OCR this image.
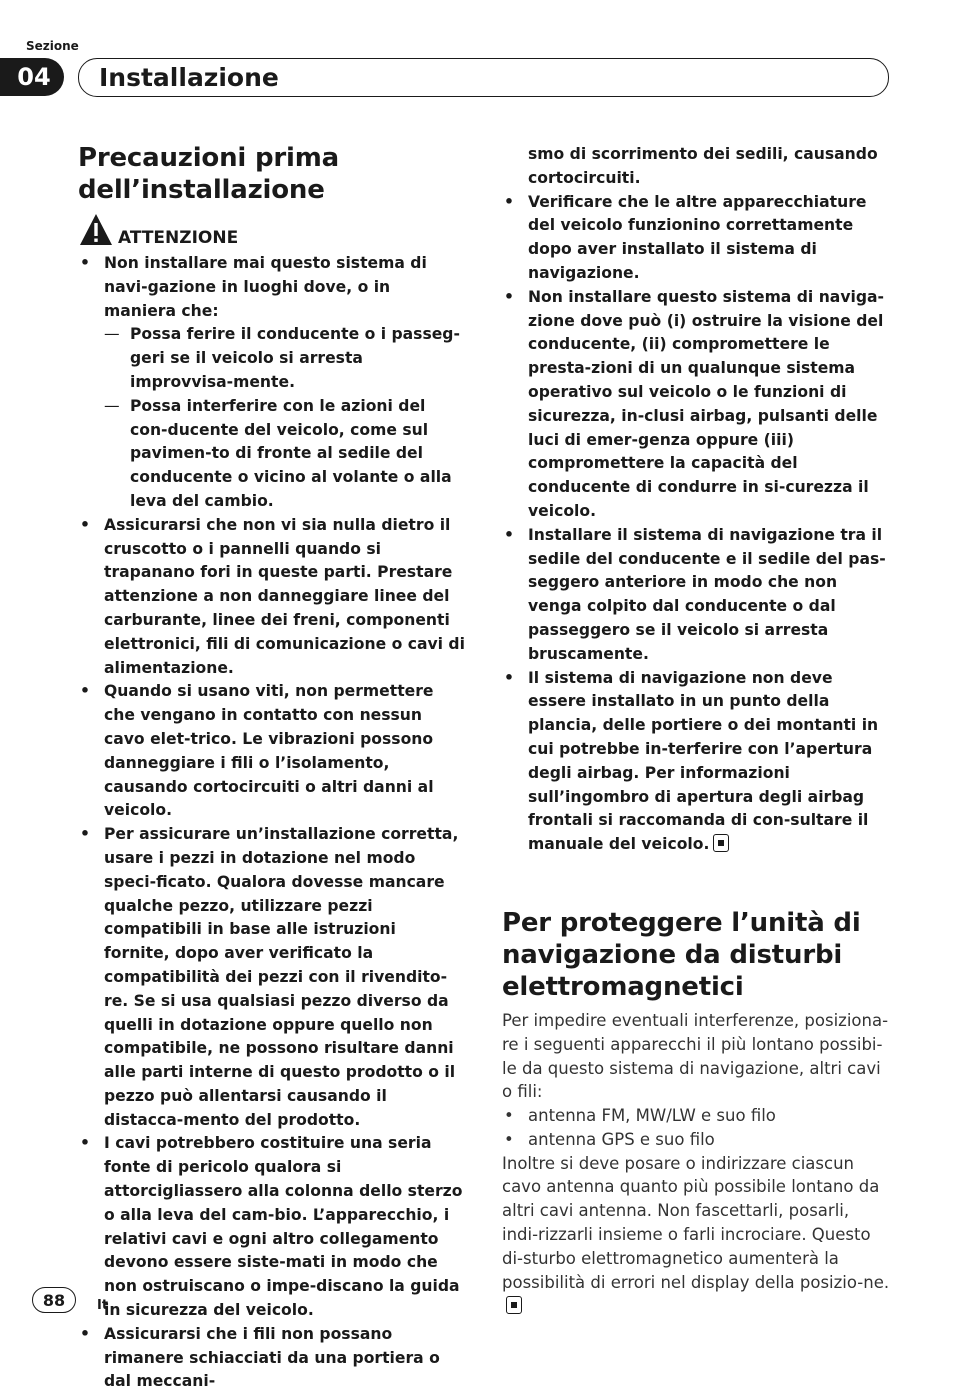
Sezione
04	Installazione
Precauzioni prima dell’installazione
ATTENZIONE
• Non installare mai questo sistema di navi-gazione in luoghi dove, o in maniera che:
— Possa ferire il conducente o i passeg-geri se il veicolo si arresta improvvisa-mente.
— Possa interferire con le azioni del con-ducente del veicolo, come sul pavimen-to di fronte al sedile del conducente o vicino al volante o alla leva del cambio.
• Assicurarsi che non vi sia nulla dietro il cruscotto o i pannelli quando si trapanano fori in queste parti. Prestare attenzione a non danneggiare linee del carburante, linee dei freni, componenti elettronici, fili di comunicazione o cavi di alimentazione.
• Quando si usano viti, non permettere che vengano in contatto con nessun cavo elet-trico. Le vibrazioni possono danneggiare i fili o l’isolamento, causando cortocircuiti o altri danni al veicolo.
• Per assicurare un’installazione corretta, usare i pezzi in dotazione nel modo speci-ficato. Qualora dovesse mancare qualche pezzo, utilizzare pezzi compatibili in base alle istruzioni fornite, dopo aver verificato la compatibilità dei pezzi con il rivendito-re. Se si usa qualsiasi pezzo diverso da quelli in dotazione oppure quello non compatibile, ne possono risultare danni alle parti interne di questo prodotto o il pezzo può allentarsi causando il distacca-mento del prodotto.
• I cavi potrebbero costituire una seria fonte di pericolo qualora si attorcigliassero alla colonna dello sterzo o alla leva del cam-bio. L’apparecchio, i relativi cavi e ogni altro collegamento devono essere siste-mati in modo che non ostruiscano o impe-discano la guida in sicurezza del veicolo.
• Assicurarsi che i fili non possano rimanere schiacciati da una portiera o dal meccani-
smo di scorrimento dei sedili, causando cortocircuiti.
• Verificare che le altre apparecchiature del veicolo funzionino correttamente dopo aver installato il sistema di navigazione.
• Non installare questo sistema di naviga-zione dove può (i) ostruire la visione del conducente, (ii) compromettere le presta-zioni di un qualunque sistema operativo sul veicolo o le funzioni di sicurezza, in-clusi airbag, pulsanti delle luci di emer-genza oppure (iii) compromettere la capacità del conducente di condurre in si-curezza il veicolo.
• Installare il sistema di navigazione tra il sedile del conducente e il sedile del pas-seggero anteriore in modo che non venga colpito dal conducente o dal passeggero se il veicolo si arresta bruscamente.
• Il sistema di navigazione non deve essere installato in un punto della plancia, delle portiere o dei montanti in cui potrebbe in-terferire con l’apertura degli airbag. Per informazioni sull’ingombro di apertura degli airbag frontali si raccomanda di con-sultare il manuale del veicolo.
Per proteggere l’unità di navigazione da disturbi elettromagnetici

Per impedire eventuali interferenze, posiziona-re i seguenti apparecchi il più lontano possibi-le da questo sistema di navigazione, altri cavi o fili:

• antenna FM, MW/LW e suo filo
• antenna GPS e suo filo

Inoltre si deve posare o indirizzare ciascun cavo antenna quanto più possibile lontano da altri cavi antenna. Non fascettarli, posarli, indi-rizzarli insieme o farli incrociare. Questo di-sturbo elettromagnetico aumenterà la possibilità di errori nel display della posizio-ne.

88	It
